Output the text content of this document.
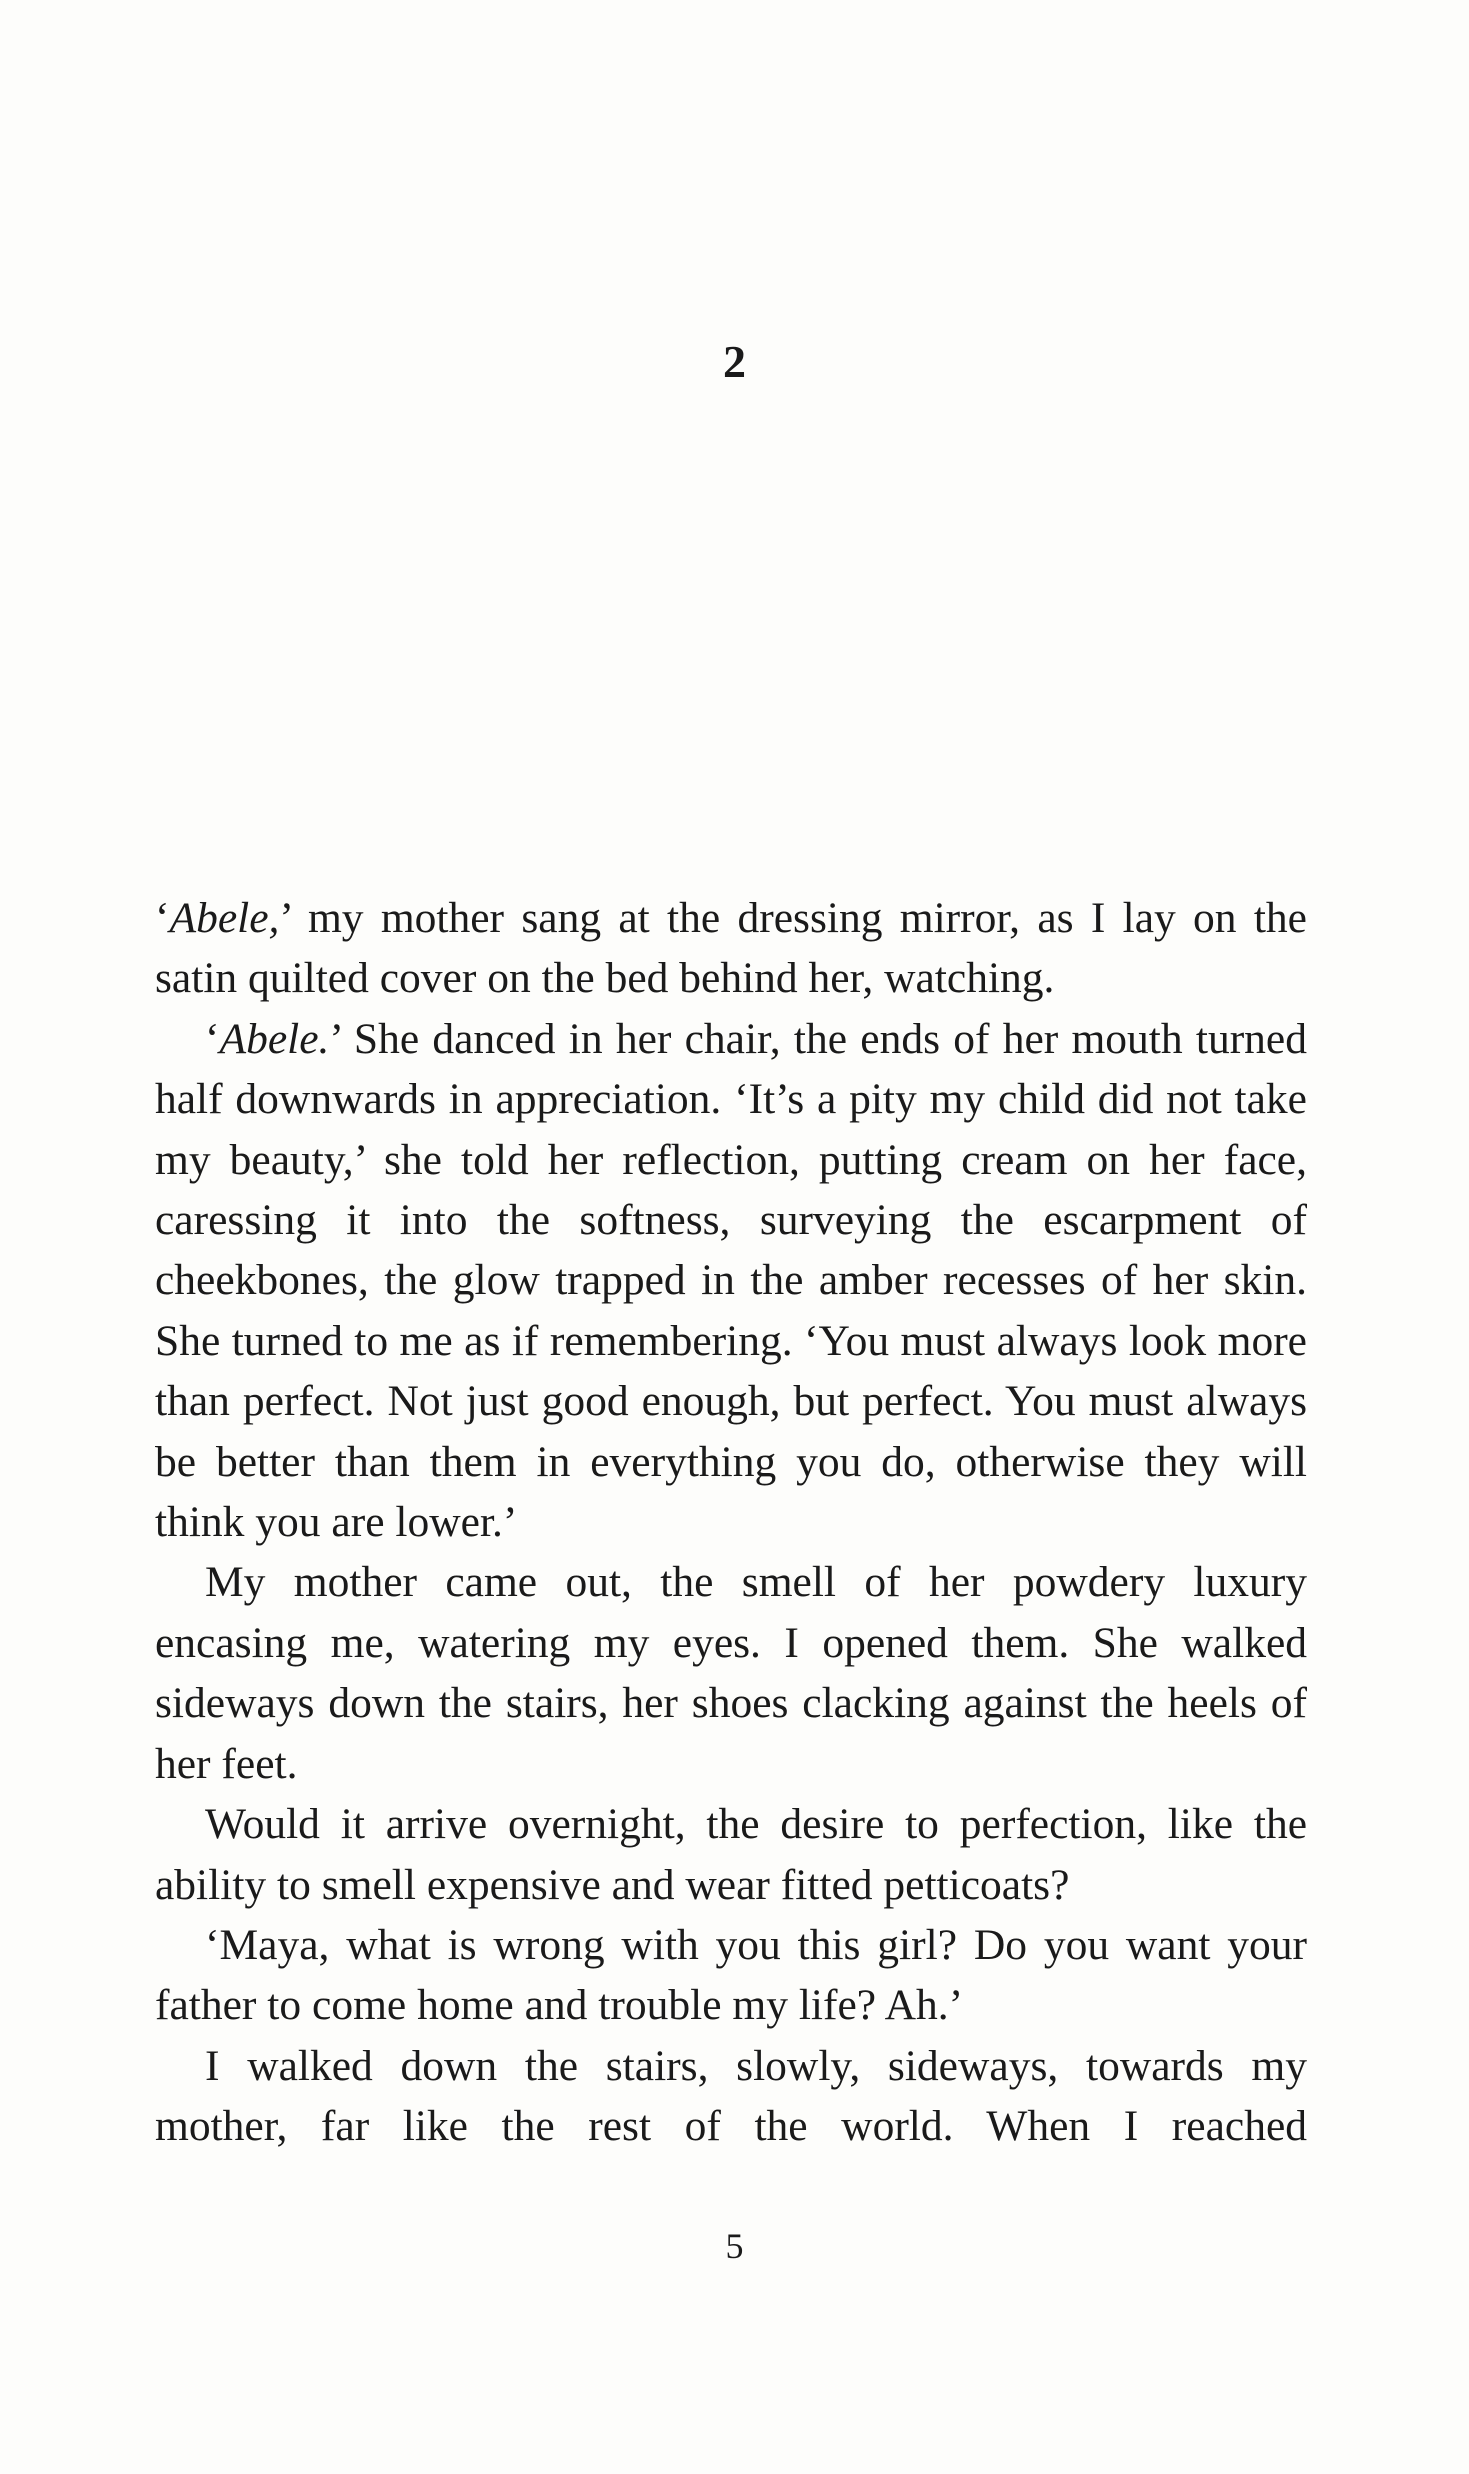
2

‘Abele,’ my mother sang at the dressing mirror, as I lay on the satin quilted cover on the bed behind her, watching.

‘Abele.’ She danced in her chair, the ends of her mouth turned half downwards in appreciation. ‘It’s a pity my child did not take my beauty,’ she told her reflection, putting cream on her face, caressing it into the softness, surveying the escarpment of cheekbones, the glow trapped in the amber recesses of her skin. She turned to me as if remembering. ‘You must always look more than perfect. Not just good enough, but perfect. You must always be better than them in everything you do, otherwise they will think you are lower.’

My mother came out, the smell of her powdery luxury encasing me, watering my eyes. I opened them. She walked sideways down the stairs, her shoes clacking against the heels of her feet.

Would it arrive overnight, the desire to perfection, like the ability to smell expensive and wear fitted petticoats?

‘Maya, what is wrong with you this girl? Do you want your father to come home and trouble my life? Ah.’

I walked down the stairs, slowly, sideways, towards my mother, far like the rest of the world. When I reached

5
